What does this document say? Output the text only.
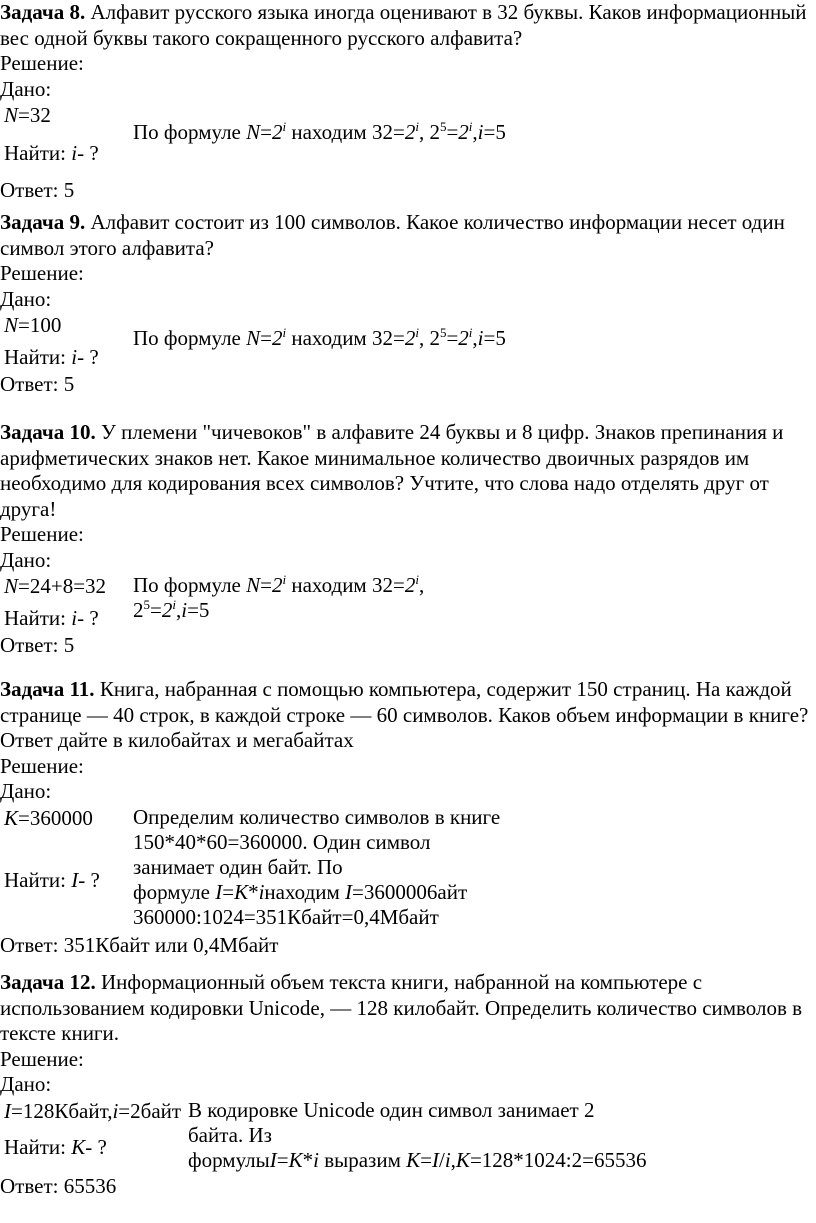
Задача 8. Алфавит русского языка иногда оценивают в 32 буквы. Каков информационный вес одной буквы такого сокращенного русского алфавита?

Решение:

Дано:

N=32
Найти: i- ?
По формуле $N=2^i$ находим $32=2^i$, $2^5=2^i,i=5$

Ответ: 5

Задача 9. Алфавит состоит из 100 символов. Какое количество информации несет один символ этого алфавита?

Решение:

Дано:

N=100
Найти: i- ?
По формуле $N=2^i$ находим $32=2^i$, $2^5=2^i,i=5$

Ответ: 5

Задача 10. У племени "чичевоков" в алфавите 24 буквы и 8 цифр. Знаков препинания и арифметических знаков нет. Какое минимальное количество двоичных разрядов им необходимо для кодирования всех символов? Учтите, что слова надо отделять друг от друга!

Решение:

Дано:

N=24+8=32
Найти: i- ?
По формуле $N=2^i$ находим $32=2^i$,
$2^5=2^i,i=5$

Ответ: 5

Задача 11. Книга, набранная с помощью компьютера, содержит 150 страниц. На каждой странице — 40 строк, в каждой строке — 60 символов. Каков объем информации в книге? Ответ дайте в килобайтах и мегабайтах

Решение:

Дано:

K=360000
Найти: I- ?
Определим количество символов в книге
150*40*60=360000. Один символ
занимает один байт. По
формуле I=K*iнаходим I=3600006айт
360000:1024=351Кбайт=0,4Мбайт

Ответ: 351Кбайт или 0,4Мбайт

Задача 12. Информационный объем текста книги, набранной на компьютере с использованием кодировки Unicode, — 128 килобайт. Определить количество символов в тексте книги.

Решение:

Дано:

I=128Кбайт,i=2байт
Найти: K- ?
В кодировке Unicode один символ занимает 2
байта. Из
формулыI=K*i выразим K=I/i,K=128*1024:2=65536

Ответ: 65536
